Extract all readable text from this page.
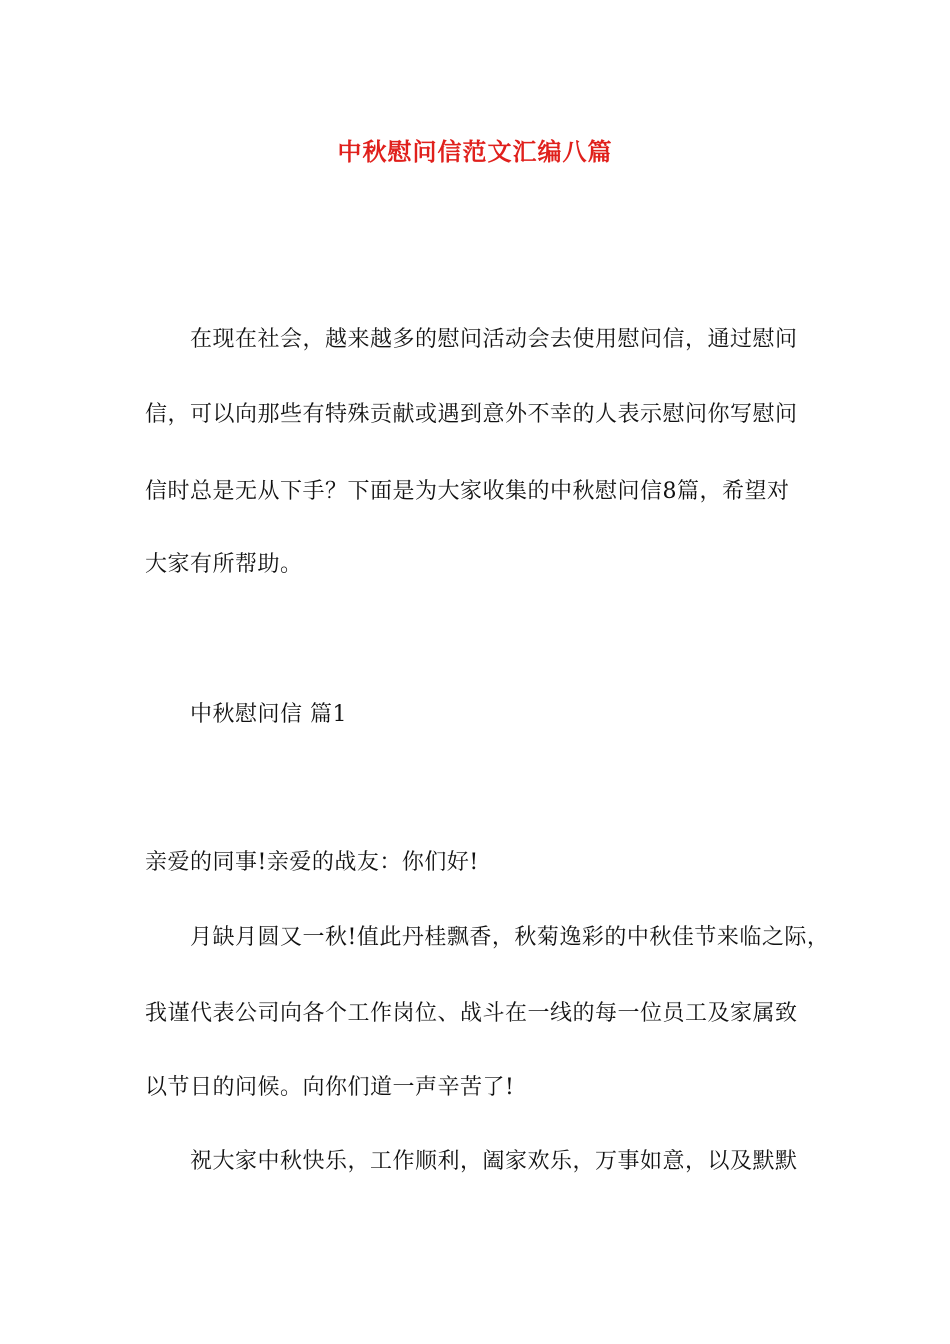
中秋慰问信范文汇编八篇
在现在社会，越来越多的慰问活动会去使用慰问信，通过慰问
信，可以向那些有特殊贡献或遇到意外不幸的人表示慰问你写慰问
信时总是无从下手？下面是为大家收集的中秋慰问信8篇，希望对
大家有所帮助。
中秋慰问信 篇1
亲爱的同事!亲爱的战友：你们好!
月缺月圆又一秋!值此丹桂飘香，秋菊逸彩的中秋佳节来临之际，
我谨代表公司向各个工作岗位、战斗在一线的每一位员工及家属致
以节日的问候。向你们道一声辛苦了!
祝大家中秋快乐，工作顺利，阖家欢乐，万事如意，以及默默
